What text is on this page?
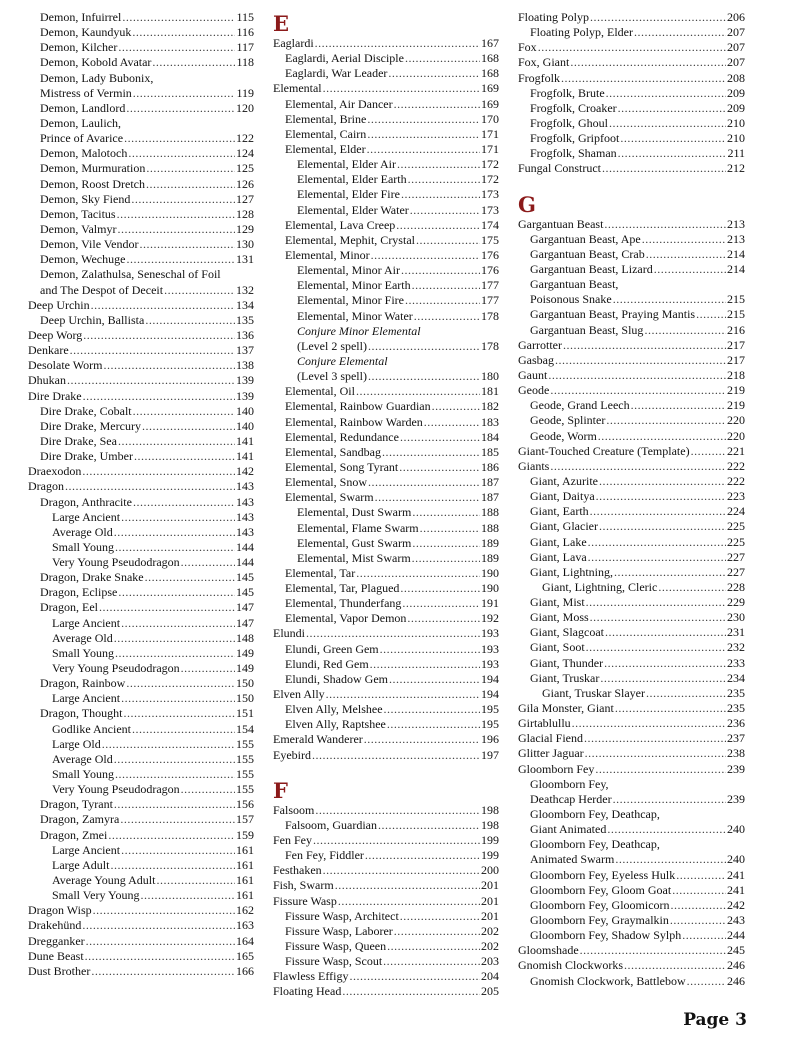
Demon, Infuirrel .....	115
Demon, Kaundyuk .....	116
Demon, Kilcher .....	117
Demon, Kobold Avatar .....	118
Demon, Lady Bubonix,
Mistress of Vermin .....	119
Demon, Landlord .....	120
Demon, Laulich,
Prince of Avarice .....	122
Demon, Malotoch .....	124
Demon, Murmuration .....	125
Demon, Roost Dretch .....	126
Demon, Sky Fiend .....	127
Demon, Tacitus .....	128
Demon, Valmyr .....	129
Demon, Vile Vendor .....	130
Demon, Wechuge .....	131
Demon, Zalathulsa, Seneschal of Foil
and The Despot of Deceit .....	132
Deep Urchin .....	134
Deep Urchin, Ballista .....	135
Deep Worg .....	136
Denkare .....	137
Desolate Worm .....	138
Dhukan .....	139
Dire Drake .....	139
Dire Drake, Cobalt .....	140
Dire Drake, Mercury .....	140
Dire Drake, Sea .....	141
Dire Drake, Umber .....	141
Draexodon .....	142
Dragon .....	143
Dragon, Anthracite .....	143
Large Ancient .....	143
Average Old .....	143
Small Young .....	144
Very Young Pseudodragon .....	144
Dragon, Drake Snake .....	145
Dragon, Eclipse .....	145
Dragon, Eel .....	147
Large Ancient .....	147
Average Old .....	148
Small Young .....	149
Very Young Pseudodragon .....	149
Dragon, Rainbow .....	150
Large Ancient .....	150
Dragon, Thought .....	151
Godlike Ancient .....	154
Large Old .....	155
Average Old .....	155
Small Young .....	155
Very Young Pseudodragon .....	155
Dragon, Tyrant .....	156
Dragon, Zamyra .....	157
Dragon, Zmei .....	159
Large Ancient .....	161
Large Adult .....	161
Average Young Adult .....	161
Small Very Young .....	161
Dragon Wisp .....	162
Drakehünd .....	163
Dregganker .....	164
Dune Beast .....	165
Dust Brother .....	166
E
Eaglardi .....	167
Eaglardi, Aerial Disciple .....	168
Eaglardi, War Leader .....	168
Elemental .....	169
Elemental, Air Dancer .....	169
Elemental, Brine .....	170
Elemental, Cairn .....	171
Elemental, Elder .....	171
Elemental, Elder Air .....	172
Elemental, Elder Earth .....	172
Elemental, Elder Fire .....	173
Elemental, Elder Water .....	173
Elemental, Lava Creep .....	174
Elemental, Mephit, Crystal .....	175
Elemental, Minor .....	176
Elemental, Minor Air .....	176
Elemental, Minor Earth .....	177
Elemental, Minor Fire .....	177
Elemental, Minor Water .....	178
Conjure Minor Elemental
(Level 2 spell) .....	178
Conjure Elemental
(Level 3 spell) .....	180
Elemental, Oil .....	181
Elemental, Rainbow Guardian .....	182
Elemental, Rainbow Warden .....	183
Elemental, Redundance .....	184
Elemental, Sandbag .....	185
Elemental, Song Tyrant .....	186
Elemental, Snow .....	187
Elemental, Swarm .....	187
Elemental, Dust Swarm .....	188
Elemental, Flame Swarm .....	188
Elemental, Gust Swarm .....	189
Elemental, Mist Swarm .....	189
Elemental, Tar .....	190
Elemental, Tar, Plagued .....	190
Elemental, Thunderfang .....	191
Elemental, Vapor Demon .....	192
Elundi .....	193
Elundi, Green Gem .....	193
Elundi, Red Gem .....	193
Elundi, Shadow Gem .....	194
Elven Ally .....	194
Elven Ally, Melshee .....	195
Elven Ally, Raptshee .....	195
Emerald Wanderer .....	196
Eyebird .....	197
F
Falsoom .....	198
Falsoom, Guardian .....	198
Fen Fey .....	199
Fen Fey, Fiddler .....	199
Festhaken .....	200
Fish, Swarm .....	201
Fissure Wasp .....	201
Fissure Wasp, Architect .....	201
Fissure Wasp, Laborer .....	202
Fissure Wasp, Queen .....	202
Fissure Wasp, Scout .....	203
Flawless Effigy .....	204
Floating Head .....	205
Floating Polyp .....	206
Floating Polyp, Elder .....	207
Fox .....	207
Fox, Giant .....	207
Frogfolk .....	208
Frogfolk, Brute .....	209
Frogfolk, Croaker .....	209
Frogfolk, Ghoul .....	210
Frogfolk, Gripfoot .....	210
Frogfolk, Shaman .....	211
Fungal Construct .....	212
G
Gargantuan Beast .....	213
Gargantuan Beast, Ape .....	213
Gargantuan Beast, Crab .....	214
Gargantuan Beast, Lizard .....	214
Gargantuan Beast,
Poisonous Snake .....	215
Gargantuan Beast, Praying Mantis .....	215
Gargantuan Beast, Slug .....	216
Garrotter .....	217
Gasbag .....	217
Gaunt .....	218
Geode .....	219
Geode, Grand Leech .....	219
Geode, Splinter .....	220
Geode, Worm .....	220
Giant-Touched Creature (Template) .....	221
Giants .....	222
Giant, Azurite .....	222
Giant, Daitya .....	223
Giant, Earth .....	224
Giant, Glacier .....	225
Giant, Lake .....	225
Giant, Lava .....	227
Giant, Lightning, .....	227
Giant, Lightning, Cleric .....	228
Giant, Mist .....	229
Giant, Moss .....	230
Giant, Slagcoat .....	231
Giant, Soot .....	232
Giant, Thunder .....	233
Giant, Truskar .....	234
Giant, Truskar Slayer .....	235
Gila Monster, Giant .....	235
Girtablullu .....	236
Glacial Fiend .....	237
Glitter Jaguar .....	238
Gloomborn Fey .....	239
Gloomborn Fey,
Deathcap Herder .....	239
Gloomborn Fey, Deathcap,
Giant Animated .....	240
Gloomborn Fey, Deathcap,
Animated Swarm .....	240
Gloomborn Fey, Eyeless Hulk .....	241
Gloomborn Fey, Gloom Goat .....	241
Gloomborn Fey, Gloomicorn .....	242
Gloomborn Fey, Graymalkin .....	243
Gloomborn Fey, Shadow Sylph .....	244
Gloomshade .....	245
Gnomish Clockworks .....	246
Gnomish Clockwork, Battlebow .....	246
Page 3
